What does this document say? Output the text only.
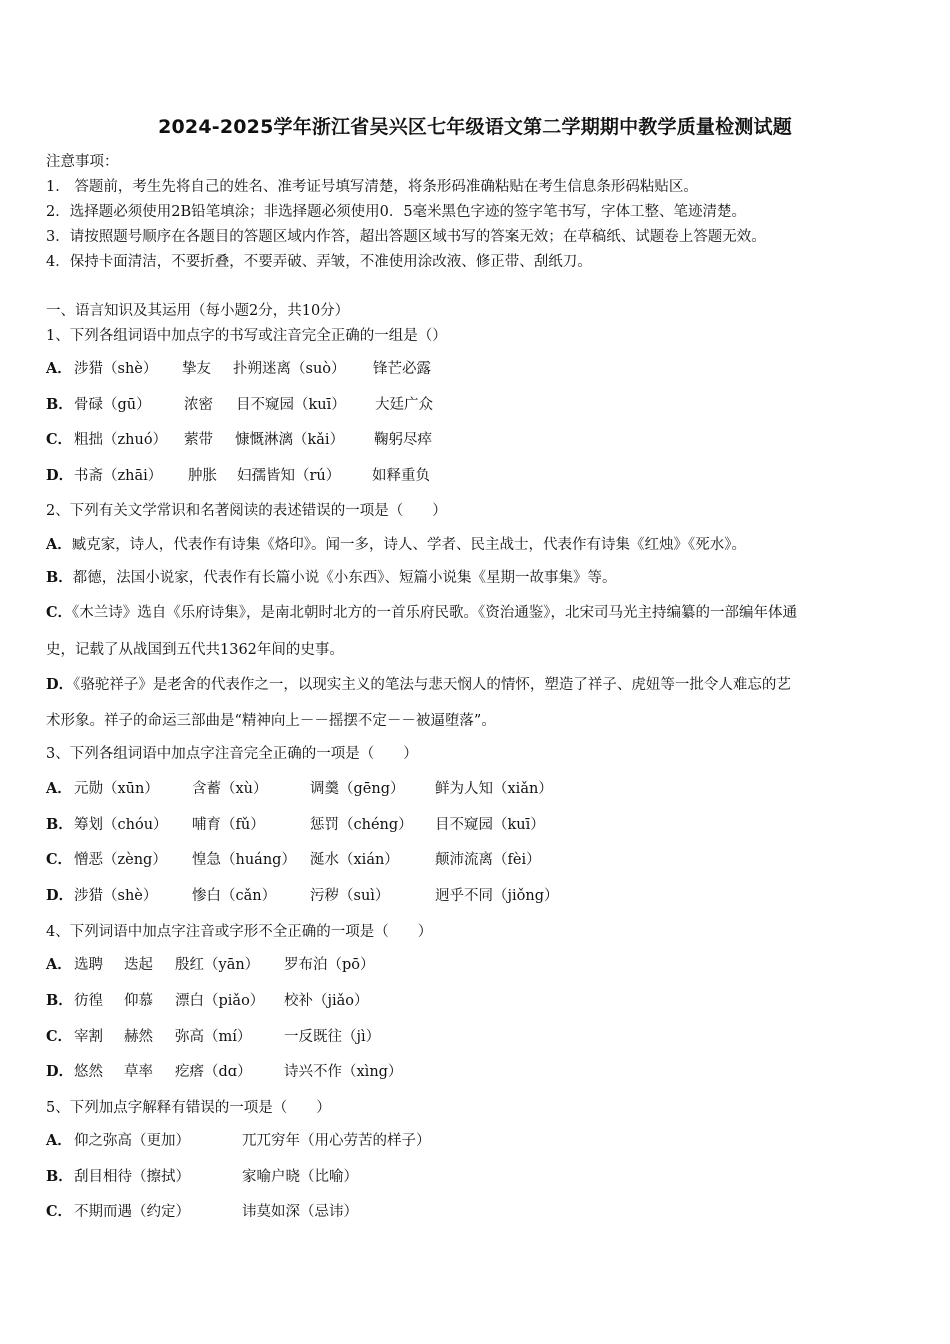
2024-2025学年浙江省吴兴区七年级语文第二学期期中教学质量检测试题
注意事项：
1． 答题前，考生先将自己的姓名、准考证号填写清楚，将条形码准确粘贴在考生信息条形码粘贴区。
2．选择题必须使用2B铅笔填涂；非选择题必须使用0．5毫米黑色字迹的签字笔书写，字体工整、笔迹清楚。
3．请按照题号顺序在各题目的答题区域内作答，超出答题区域书写的答案无效；在草稿纸、试题卷上答题无效。
4．保持卡面清洁，不要折叠，不要弄破、弄皱，不准使用涂改液、修正带、刮纸刀。
一、语言知识及其运用（每小题2分，共10分）
1、下列各组词语中加点字的书写或注音完全正确的一组是（）
A． 涉猎（shè） 挚友 扑朔迷离（suò） 锋芒必露
B． 骨碌（gū） 浓密 目不窥园（kuī） 大廷广众
C． 粗拙（zhuó） 萦带 慷慨淋漓（kǎi） 鞠躬尽瘁
D． 书斋（zhāi） 肿胀 妇孺皆知（rú） 如释重负
2、下列有关文学常识和名著阅读的表述错误的一项是（　　）
A．臧克家，诗人，代表作有诗集《烙印》。闻一多，诗人、学者、民主战士，代表作有诗集《红烛》《死水》。
B．都德，法国小说家，代表作有长篇小说《小东西》、短篇小说集《星期一故事集》等。
C．《木兰诗》选自《乐府诗集》，是南北朝时北方的一首乐府民歌。《资治通鉴》，北宋司马光主持编纂的一部编年体通
史，记载了从战国到五代共1362年间的史事。
D．《骆驼祥子》是老舍的代表作之一，以现实主义的笔法与悲天悯人的情怀，塑造了祥子、虎妞等一批令人难忘的艺
术形象。祥子的命运三部曲是“精神向上－－摇摆不定－－被逼堕落”。
3、下列各组词语中加点字注音完全正确的一项是（　　）
A． 元勋（xūn） 含蓄（xù）	调羹（gēng） 鲜为人知（xiǎn）
B． 筹划（chóu） 哺育（fǔ）	惩罚（chéng） 目不窥园（kuī）
C． 憎恶（zèng） 惶急（huáng） 涎水（xián） 颠沛流离（fèi）
D． 涉猎（shè） 惨白（cǎn） 污秽（suì）	迥乎不同（jiǒng）
4、下列词语中加点字注音或字形不全正确的一项是（　　）
A． 选聘 迭起 殷红（yān） 罗布泊（pō）
B． 彷徨 仰慕 漂白（piǎo） 校补（jiǎo）
C． 宰割 赫然 弥高（mí） 一反既往（jì）
D． 悠然 草率 疙瘩（dɑ） 诗兴不作（xìng）
5、下列加点字解释有错误的一项是（　　）
A． 仰之弥高（更加）	兀兀穷年（用心劳苦的样子）
B． 刮目相待（擦拭）	家喻户晓（比喻）
C． 不期而遇（约定）	讳莫如深（忌讳）
